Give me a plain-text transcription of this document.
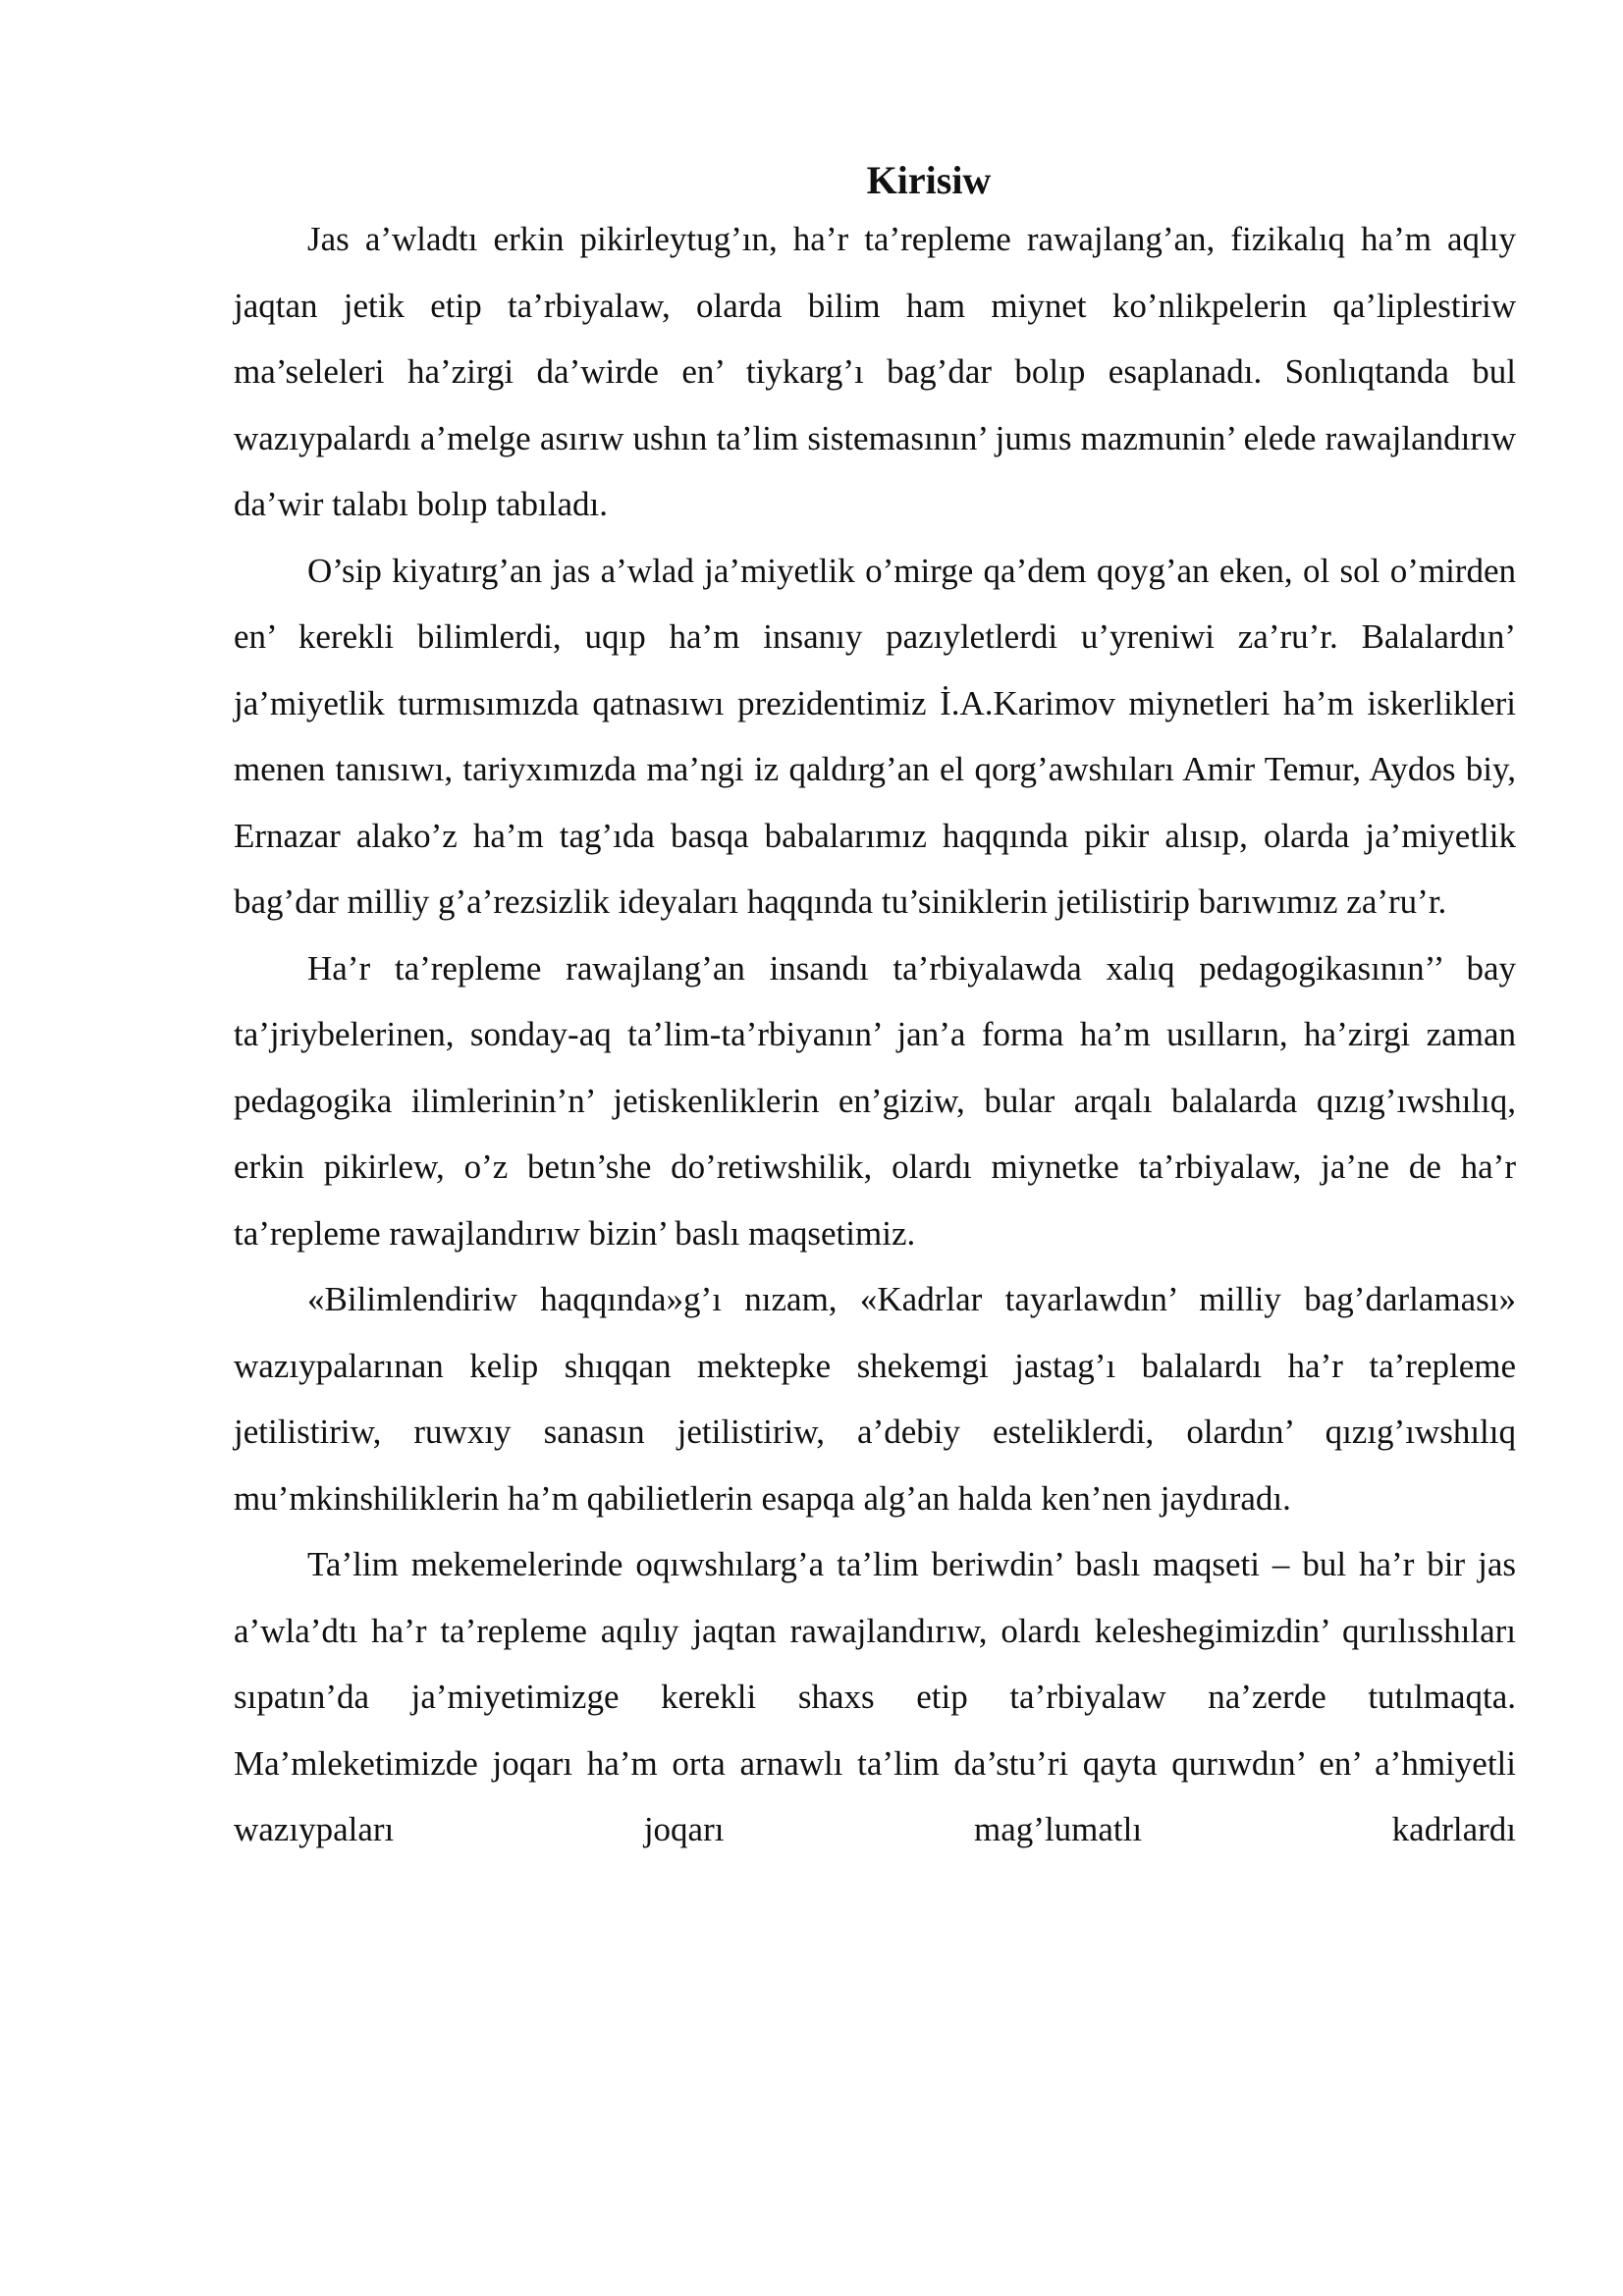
Kirisiw

Jas a’wladtı erkin pikirleytug’ın, ha’r ta’repleme rawajlang’an, fizikalıq ha’m aqlıy jaqtan jetik etip ta’rbiyalaw, olarda bilim ham miynet ko’nlikpelerin qa’liplestiriw ma’seleleri ha’zirgi da’wirde en’ tiykarg’ı bag’dar bolıp esaplanadı. Sonlıqtanda bul wazıypalardı a’melge asırıw ushın ta’lim sistemasının’ jumıs mazmunin’ elede rawajlandırıw da’wir talabı bolıp tabıladı.

O’sip kiyatırg’an jas a’wlad ja’miyetlik o’mirge qa’dem qoyg’an eken, ol sol o’mirden en’ kerekli bilimlerdi, uqıp ha’m insanıy pazıyletlerdi u’yreniwi za’ru’r. Balalardın’ ja’miyetlik turmısımızda qatnasıwı prezidentimiz İ.A.Karimov miynetleri ha’m iskerlikleri menen tanısıwı, tariyxımızda ma’ngi iz qaldırg’an el qorg’awshıları Amir Temur, Aydos biy, Ernazar alako’z ha’m tag’ıda basqa babalarımız haqqında pikir alısıp, olarda ja’miyetlik bag’dar milliy g’a’rezsizlik ideyaları haqqında tu’siniklerin jetilistirip barıwımız za’ru’r.

Ha’r ta’repleme rawajlang’an insandı ta’rbiyalawda xalıq pedagogikasının’’ bay ta’jriybelerinen, sonday-aq ta’lim-ta’rbiyanın’ jan’a forma ha’m usılların, ha’zirgi zaman pedagogika ilimlerinin’n’ jetiskenliklerin en’giziw, bular arqalı balalarda qızıg’ıwshılıq, erkin pikirlew, o’z betın’she do’retiwshilik, olardı miynetke ta’rbiyalaw, ja’ne de ha’r ta’repleme rawajlandırıw bizin’ baslı maqsetimiz.

«Bilimlendiriw haqqında»g’ı nızam, «Kadrlar tayarlawdın’ milliy bag’darlaması» wazıypalarınan kelip shıqqan mektepke shekemgi jastag’ı balalardı ha’r ta’repleme jetilistiriw, ruwxıy sanasın jetilistiriw, a’debiy esteliklerdi, olardın’ qızıg’ıwshılıq mu’mkinshiliklerin ha’m qabilietlerin esapqa alg’an halda ken’nen jaydıradı.

Ta’lim mekemelerinde oqıwshılarg’a ta’lim beriwdin’ baslı maqseti – bul ha’r bir jas a’wla’dtı ha’r ta’repleme aqılıy jaqtan rawajlandırıw, olardı keleshegimizdin’ qurılısshıları sıpatın’da ja’miyetimizge kerekli shaxs etip ta’rbiyalaw na’zerde tutılmaqta. Ma’mleketimizde joqarı ha’m orta arnawlı ta’lim da’stu’ri qayta qurıwdın’ en’ a’hmiyetli wazıypaları joqarı mag’lumatlı kadrlardı
